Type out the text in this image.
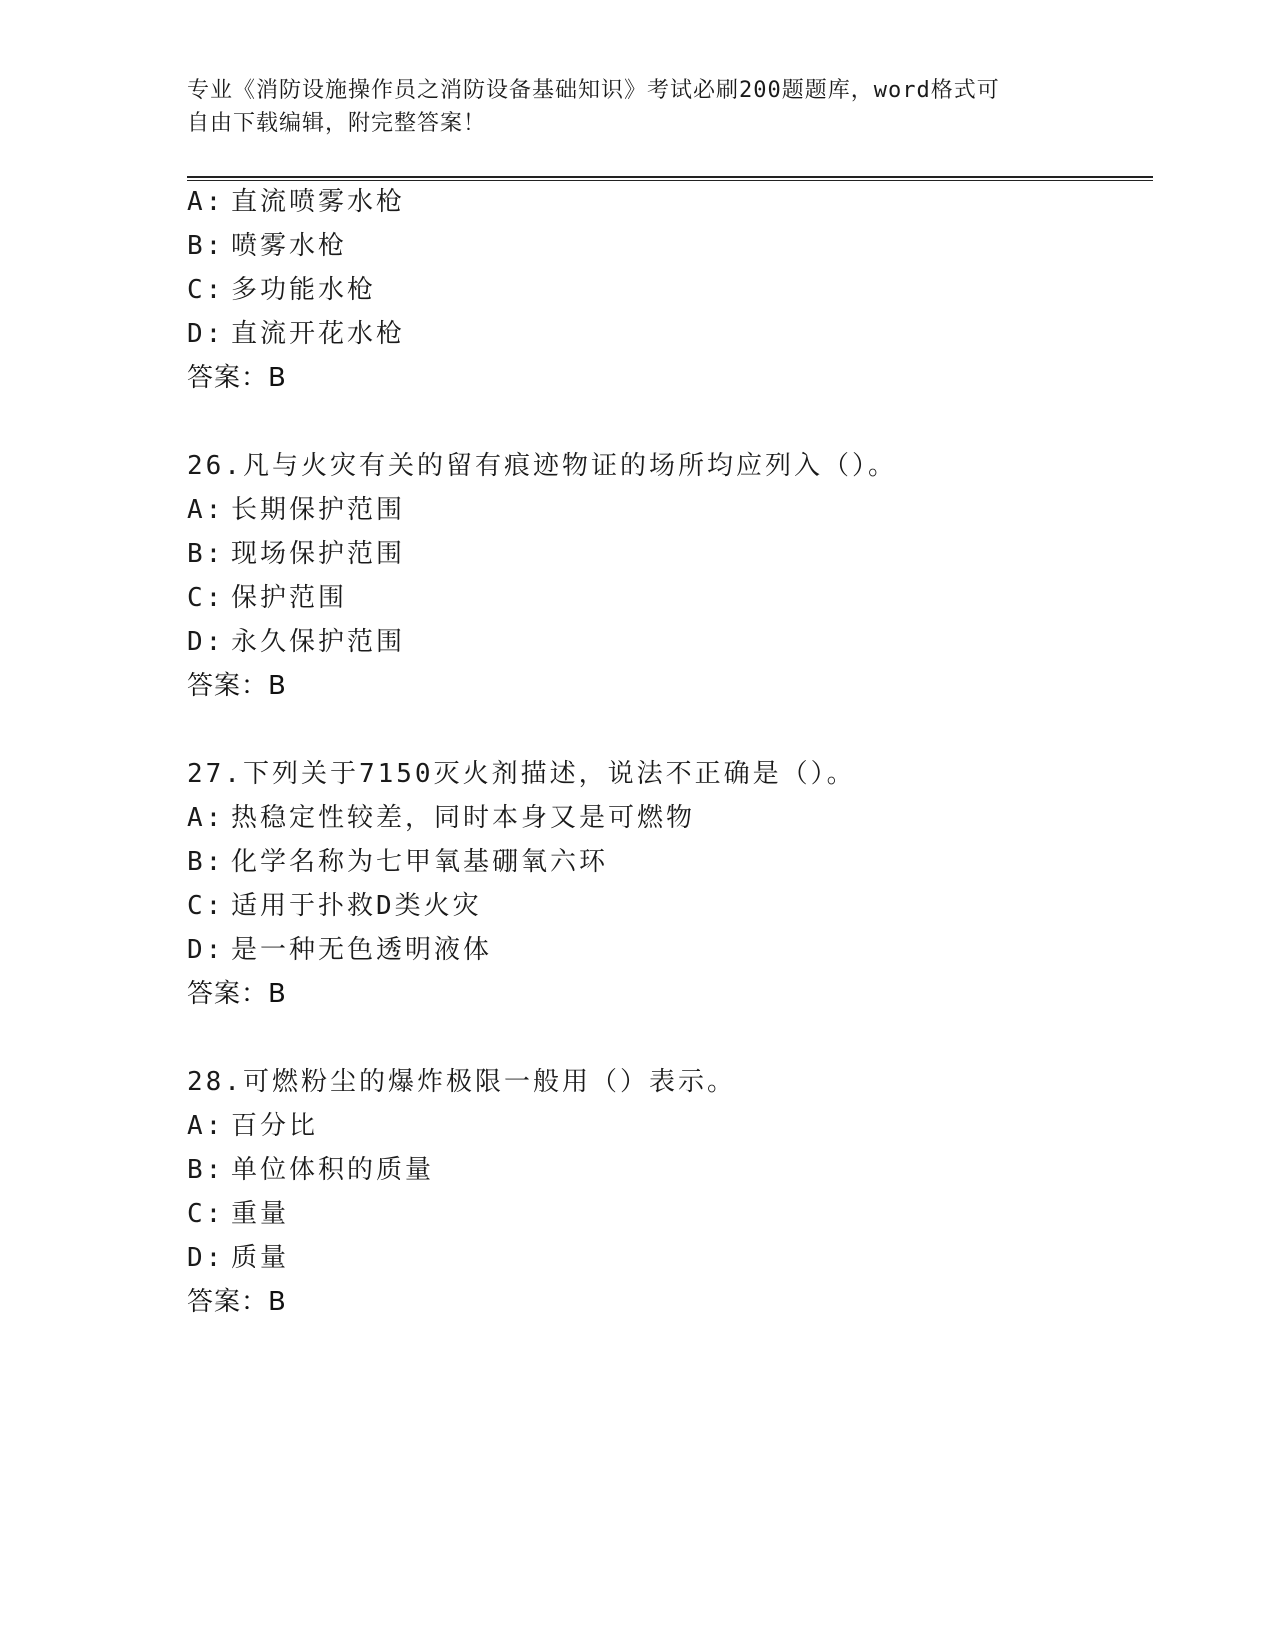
专业《消防设施操作员之消防设备基础知识》考试必刷200题题库，word格式可
自由下载编辑，附完整答案！
A: 直流喷雾水枪
B: 喷雾水枪
C: 多功能水枪
D: 直流开花水枪
答案：B
26.凡与火灾有关的留有痕迹物证的场所均应列入（）。
A: 长期保护范围
B: 现场保护范围
C: 保护范围
D: 永久保护范围
答案：B
27.下列关于7150灭火剂描述，说法不正确是（）。
A: 热稳定性较差，同时本身又是可燃物
B: 化学名称为七甲氧基硼氧六环
C: 适用于扑救D类火灾
D: 是一种无色透明液体
答案：B
28.可燃粉尘的爆炸极限一般用（）表示。
A: 百分比
B: 单位体积的质量
C: 重量
D: 质量
答案：B
